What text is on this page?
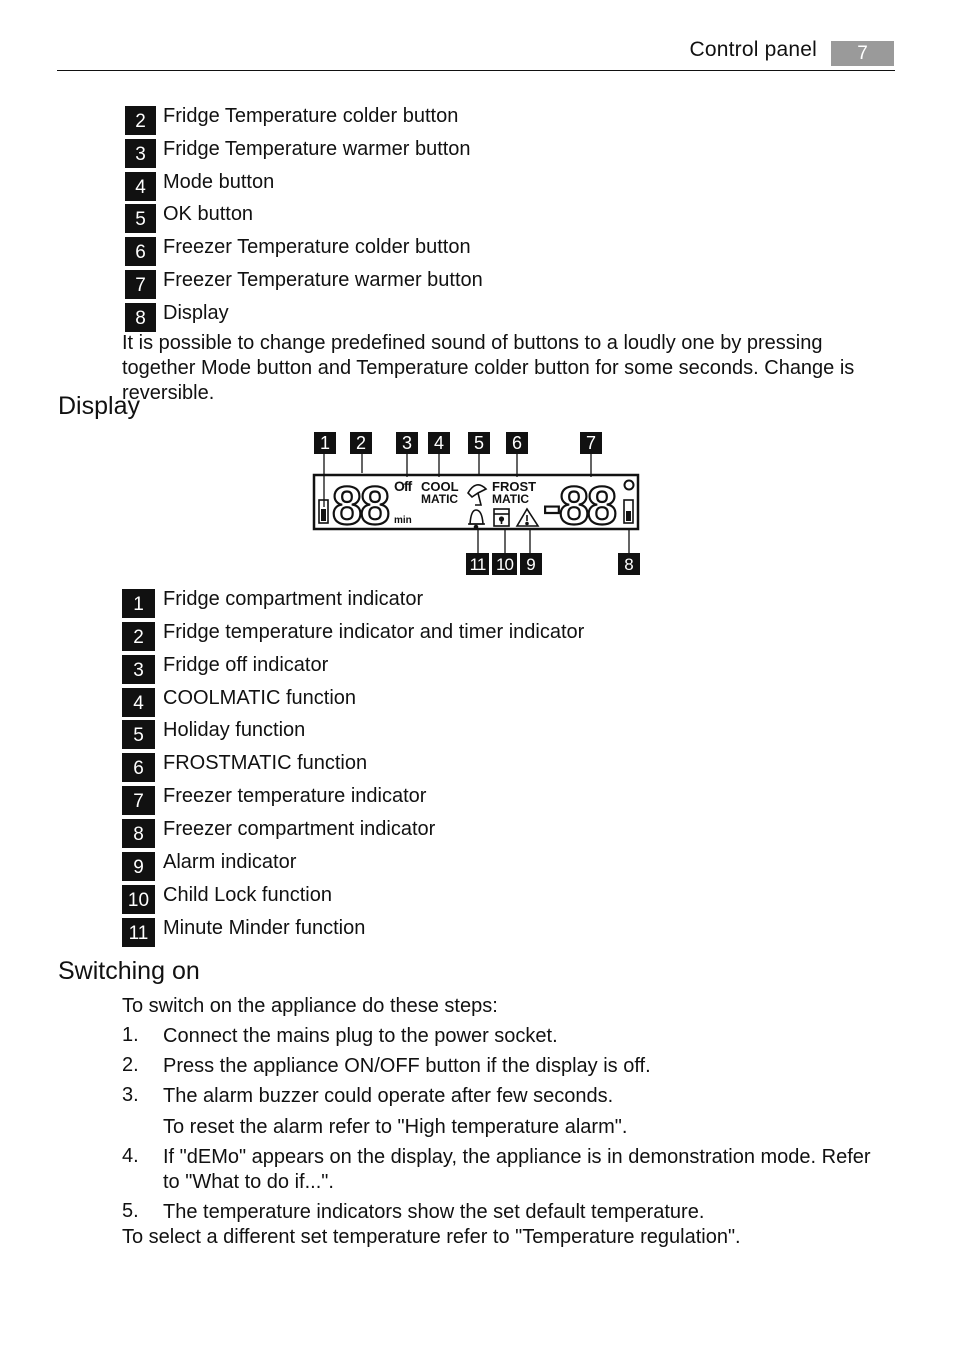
Control panel	7
2 Fridge Temperature colder button
3 Fridge Temperature warmer button
4 Mode button
5 OK button
6 Freezer Temperature colder button
7 Freezer Temperature warmer button
8 Display
It is possible to change predefined sound of buttons to a loudly one by pressing together Mode button and Temperature colder button for some seconds. Change is reversible.
Display
1 2 3 4 5 6	7
88 Off COOL
MATIC
min
FROST
MATIC -88
11 10 9	8
1 Fridge compartment indicator
2 Fridge temperature indicator and timer indicator
3 Fridge off indicator
4 COOLMATIC function
5 Holiday function
6 FROSTMATIC function
7 Freezer temperature indicator
8 Freezer compartment indicator
9 Alarm indicator
10 Child Lock function
11 Minute Minder function
Switching on
To switch on the appliance do these steps:
1. Connect the mains plug to the power socket.
2. Press the appliance ON/OFF button if the display is off.
3. The alarm buzzer could operate after few seconds.
To reset the alarm refer to "High temperature alarm".
4. If "dEMo" appears on the display, the appliance is in demonstration mode. Refer to "What to do if...".
5. The temperature indicators show the set default temperature.
To select a different set temperature refer to "Temperature regulation".
